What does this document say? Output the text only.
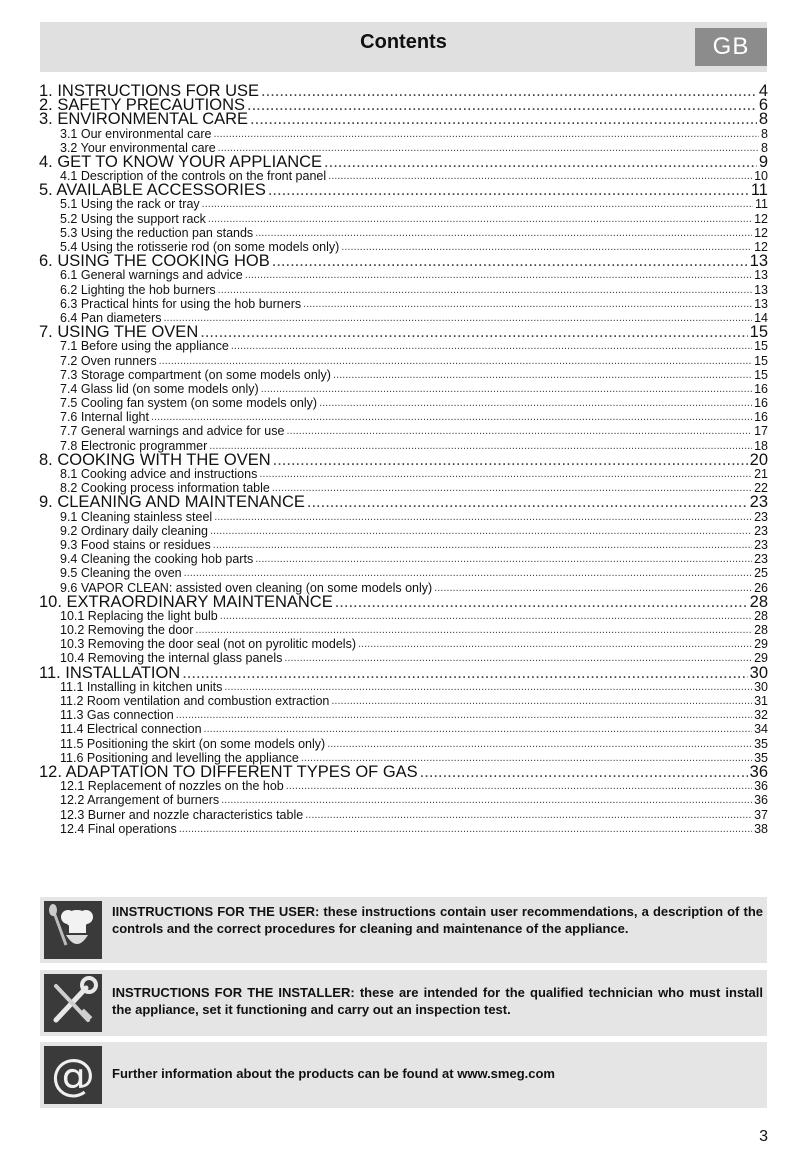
Contents	GB
1. INSTRUCTIONS FOR USE .....	4
2. SAFETY PRECAUTIONS .....	6
3. ENVIRONMENTAL CARE .....	8
3.1 Our environmental care .....	8
3.2 Your environmental care .....	8
4. GET TO KNOW YOUR APPLIANCE .....	9
4.1 Description of the controls on the front panel .....	10
5. AVAILABLE ACCESSORIES .....	11
5.1 Using the rack or tray .....	11
5.2 Using the support rack .....	12
5.3 Using the reduction pan stands .....	12
5.4 Using the rotisserie rod (on some models only) .....	12
6. USING THE COOKING HOB .....	13
6.1 General warnings and advice .....	13
6.2 Lighting the hob burners .....	13
6.3 Practical hints for using the hob burners .....	13
6.4 Pan diameters .....	14
7. USING THE OVEN .....	15
7.1 Before using the appliance .....	15
7.2 Oven runners .....	15
7.3 Storage compartment (on some models only) .....	15
7.4 Glass lid (on some models only) .....	16
7.5 Cooling fan system (on some models only) .....	16
7.6 Internal light .....	16
7.7 General warnings and advice for use .....	17
7.8 Electronic programmer .....	18
8. COOKING WITH THE OVEN .....	20
8.1 Cooking advice and instructions .....	21
8.2 Cooking process information table .....	22
9. CLEANING AND MAINTENANCE .....	23
9.1 Cleaning stainless steel .....	23
9.2 Ordinary daily cleaning .....	23
9.3 Food stains or residues .....	23
9.4 Cleaning the cooking hob parts .....	23
9.5 Cleaning the oven .....	25
9.6 VAPOR CLEAN: assisted oven cleaning (on some models only) .....	26
10. EXTRAORDINARY MAINTENANCE .....	28
10.1 Replacing the light bulb .....	28
10.2 Removing the door .....	28
10.3 Removing the door seal (not on pyrolitic models) .....	29
10.4 Removing the internal glass panels .....	29
11. INSTALLATION .....	30
11.1 Installing in kitchen units .....	30
11.2 Room ventilation and combustion extraction .....	31
11.3 Gas connection .....	32
11.4 Electrical connection .....	34
11.5 Positioning the skirt (on some models only) .....	35
11.6 Positioning and levelling the appliance .....	35
12. ADAPTATION TO DIFFERENT TYPES OF GAS .....	36
12.1 Replacement of nozzles on the hob .....	36
12.2 Arrangement of burners .....	36
12.3 Burner and nozzle characteristics table .....	37
12.4 Final operations .....	38
IINSTRUCTIONS FOR THE USER: these instructions contain user recommendations, a description of the controls and the correct procedures for cleaning and maintenance of the appliance.
INSTRUCTIONS FOR THE INSTALLER: these are intended for the qualified technician who must install the appliance, set it functioning and carry out an inspection test.
@ Further information about the products can be found at www.smeg.com
3
